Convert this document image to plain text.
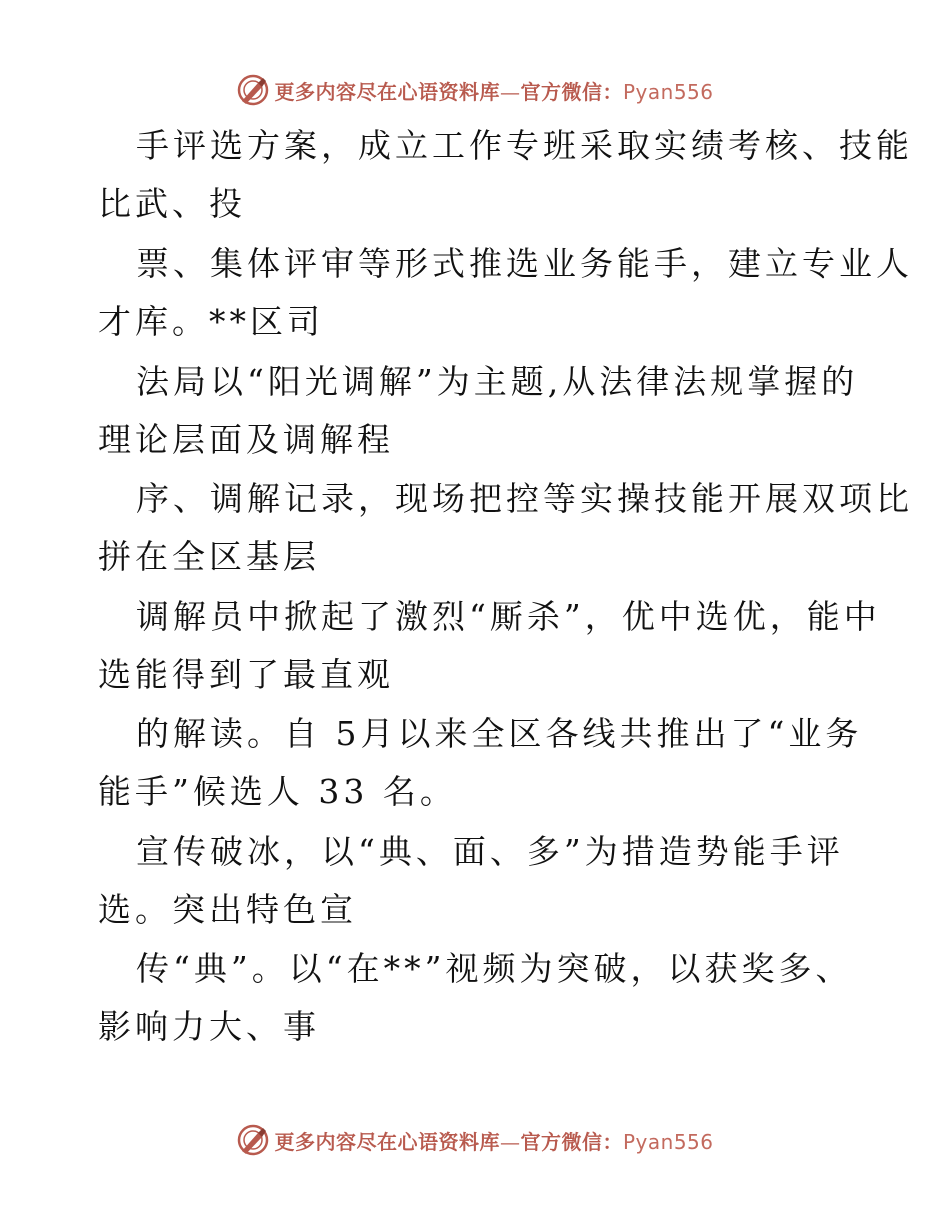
更多内容尽在心语资料库—官方微信：Pyan556
手评选方案，成立工作专班采取实绩考核、技能
比武、投
票、集体评审等形式推选业务能手，建立专业人
才库。**区司
法局以“阳光调解”为主题,从法律法规掌握的
理论层面及调解程
序、调解记录，现场把控等实操技能开展双项比
拼在全区基层
调解员中掀起了激烈“厮杀”，优中选优，能中
选能得到了最直观
的解读。自 5月以来全区各线共推出了“业务
能手”候选人 33 名。
宣传破冰，以“典、面、多”为措造势能手评
选。突出特色宣
传“典”。以“在**”视频为突破，以获奖多、
影响力大、事
更多内容尽在心语资料库—官方微信：Pyan556
